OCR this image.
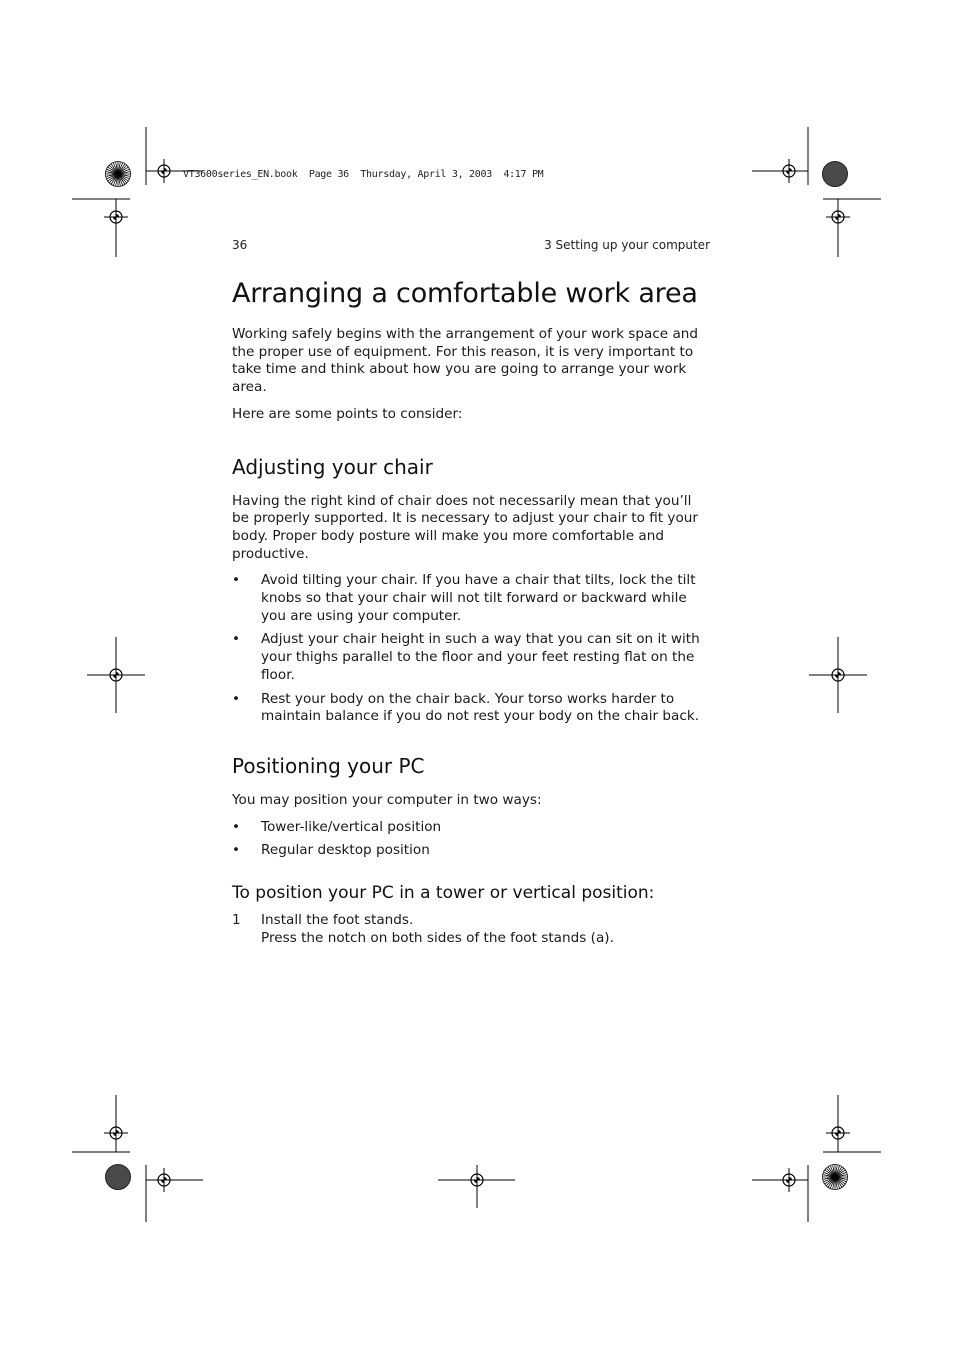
VT3600series_EN.book  Page 36  Thursday, April 3, 2003  4:17 PM
36	3 Setting up your computer
Arranging a comfortable work area

Working safely begins with the arrangement of your work space and the proper use of equipment. For this reason, it is very important to take time and think about how you are going to arrange your work area.

Here are some points to consider:

Adjusting your chair

Having the right kind of chair does not necessarily mean that you’ll be properly supported. It is necessary to adjust your chair to fit your body. Proper body posture will make you more comfortable and productive.

• Avoid tilting your chair. If you have a chair that tilts, lock the tilt knobs so that your chair will not tilt forward or backward while you are using your computer.
• Adjust your chair height in such a way that you can sit on it with your thighs parallel to the floor and your feet resting flat on the floor.
• Rest your body on the chair back. Your torso works harder to maintain balance if you do not rest your body on the chair back.
Positioning your PC

You may position your computer in two ways:

• Tower-like/vertical position
• Regular desktop position
To position your PC in a tower or vertical position:
1 Install the foot stands.
Press the notch on both sides of the foot stands (a).
